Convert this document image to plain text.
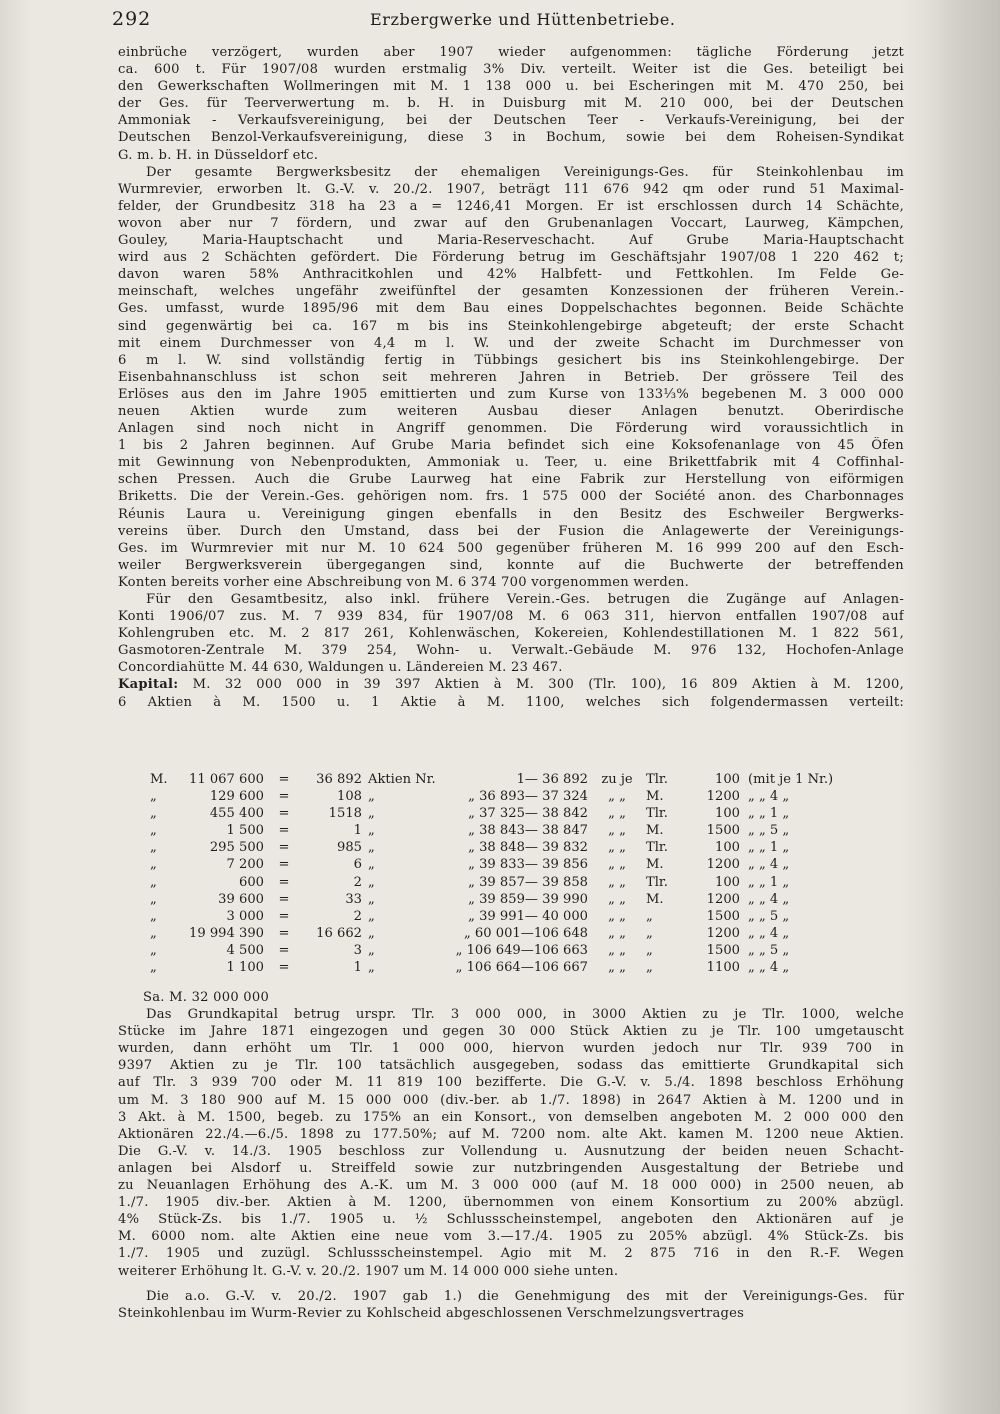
292	Erzbergwerke und Hüttenbetriebe.
einbrüche verzögert, wurden aber 1907 wieder aufgenommen: tägliche Förderung jetzt
ca. 600 t. Für 1907/08 wurden erstmalig 3% Div. verteilt. Weiter ist die Ges. beteiligt bei
den Gewerkschaften Wollmeringen mit M. 1 138 000 u. bei Escheringen mit M. 470 250, bei
der Ges. für Teerverwertung m. b. H. in Duisburg mit M. 210 000, bei der Deutschen
Ammoniak - Verkaufsvereinigung, bei der Deutschen Teer - Verkaufs-Vereinigung, bei der
Deutschen Benzol-Verkaufsvereinigung, diese 3 in Bochum, sowie bei dem Roheisen-Syndikat
G. m. b. H. in Düsseldorf etc.
Der gesamte Bergwerksbesitz der ehemaligen Vereinigungs-Ges. für Steinkohlenbau im
Wurmrevier, erworben lt. G.-V. v. 20./2. 1907, beträgt 111 676 942 qm oder rund 51 Maximal-
felder, der Grundbesitz 318 ha 23 a = 1246,41 Morgen. Er ist erschlossen durch 14 Schächte,
wovon aber nur 7 fördern, und zwar auf den Grubenanlagen Voccart, Laurweg, Kämpchen,
Gouley, Maria-Hauptschacht und Maria-Reserveschacht. Auf Grube Maria-Hauptschacht
wird aus 2 Schächten gefördert. Die Förderung betrug im Geschäftsjahr 1907/08 1 220 462 t;
davon waren 58% Anthracitkohlen und 42% Halbfett- und Fettkohlen. Im Felde Ge-
meinschaft, welches ungefähr zweifünftel der gesamten Konzessionen der früheren Verein.-
Ges. umfasst, wurde 1895/96 mit dem Bau eines Doppelschachtes begonnen. Beide Schächte
sind gegenwärtig bei ca. 167 m bis ins Steinkohlengebirge abgeteuft; der erste Schacht
mit einem Durchmesser von 4,4 m l. W. und der zweite Schacht im Durchmesser von
6 m l. W. sind vollständig fertig in Tübbings gesichert bis ins Steinkohlengebirge. Der
Eisenbahnanschluss ist schon seit mehreren Jahren in Betrieb. Der grössere Teil des
Erlöses aus den im Jahre 1905 emittierten und zum Kurse von 133⅓% begebenen M. 3 000 000
neuen Aktien wurde zum weiteren Ausbau dieser Anlagen benutzt. Oberirdische
Anlagen sind noch nicht in Angriff genommen. Die Förderung wird voraussichtlich in
1 bis 2 Jahren beginnen. Auf Grube Maria befindet sich eine Koksofenanlage von 45 Öfen
mit Gewinnung von Nebenprodukten, Ammoniak u. Teer, u. eine Brikettfabrik mit 4 Coffinhal-
schen Pressen. Auch die Grube Laurweg hat eine Fabrik zur Herstellung von eiförmigen
Briketts. Die der Verein.-Ges. gehörigen nom. frs. 1 575 000 der Société anon. des Charbonnages
Réunis Laura u. Vereinigung gingen ebenfalls in den Besitz des Eschweiler Bergwerks-
vereins über. Durch den Umstand, dass bei der Fusion die Anlagewerte der Vereinigungs-
Ges. im Wurmrevier mit nur M. 10 624 500 gegenüber früheren M. 16 999 200 auf den Esch-
weiler Bergwerksverein übergegangen sind, konnte auf die Buchwerte der betreffenden
Konten bereits vorher eine Abschreibung von M. 6 374 700 vorgenommen werden.
Für den Gesamtbesitz, also inkl. frühere Verein.-Ges. betrugen die Zugänge auf Anlagen-
Konti 1906/07 zus. M. 7 939 834, für 1907/08 M. 6 063 311, hiervon entfallen 1907/08 auf
Kohlengruben etc. M. 2 817 261, Kohlenwäschen, Kokereien, Kohlendestillationen M. 1 822 561,
Gasmotoren-Zentrale M. 379 254, Wohn- u. Verwalt.-Gebäude M. 976 132, Hochofen-Anlage
Concordiahütte M. 44 630, Waldungen u. Ländereien M. 23 467.
Kapital: M. 32 000 000 in 39 397 Aktien à M. 300 (Tlr. 100), 16 809 Aktien à M. 1200,
6 Aktien à M. 1500 u. 1 Aktie à M. 1100, welches sich folgendermassen verteilt:
M.	11 067 600	=	36 892	Aktien Nr.	1— 36 892	zu je	Tlr.	100	(mit je 1 Nr.)
„	129 600	=	108	„	„ 36 893— 37 324	„ „	M.	1200	„ „ 4 „
„	455 400	=	1518	„	„ 37 325— 38 842	„ „	Tlr.	100	„ „ 1 „
„	1 500	=	1	„	„ 38 843— 38 847	„ „	M.	1500	„ „ 5 „
„	295 500	=	985	„	„ 38 848— 39 832	„ „	Tlr.	100	„ „ 1 „
„	7 200	=	6	„	„ 39 833— 39 856	„ „	M.	1200	„ „ 4 „
„	600	=	2	„	„ 39 857— 39 858	„ „	Tlr.	100	„ „ 1 „
„	39 600	=	33	„	„ 39 859— 39 990	„ „	M.	1200	„ „ 4 „
„	3 000	=	2	„	„ 39 991— 40 000	„ „	„	1500	„ „ 5 „
„	19 994 390	=	16 662	„	„ 60 001—106 648	„ „	„	1200	„ „ 4 „
„	4 500	=	3	„	„ 106 649—106 663	„ „	„	1500	„ „ 5 „
„	1 100	=	1	„	„ 106 664—106 667	„ „	„	1100	„ „ 4 „
Sa. M. 32 000 000
Das Grundkapital betrug urspr. Tlr. 3 000 000, in 3000 Aktien zu je Tlr. 1000, welche
Stücke im Jahre 1871 eingezogen und gegen 30 000 Stück Aktien zu je Tlr. 100 umgetauscht
wurden, dann erhöht um Tlr. 1 000 000, hiervon wurden jedoch nur Tlr. 939 700 in
9397 Aktien zu je Tlr. 100 tatsächlich ausgegeben, sodass das emittierte Grundkapital sich
auf Tlr. 3 939 700 oder M. 11 819 100 bezifferte. Die G.-V. v. 5./4. 1898 beschloss Erhöhung
um M. 3 180 900 auf M. 15 000 000 (div.-ber. ab 1./7. 1898) in 2647 Aktien à M. 1200 und in
3 Akt. à M. 1500, begeb. zu 175% an ein Konsort., von demselben angeboten M. 2 000 000 den
Aktionären 22./4.—6./5. 1898 zu 177.50%; auf M. 7200 nom. alte Akt. kamen M. 1200 neue Aktien.
Die G.-V. v. 14./3. 1905 beschloss zur Vollendung u. Ausnutzung der beiden neuen Schacht-
anlagen bei Alsdorf u. Streiffeld sowie zur nutzbringenden Ausgestaltung der Betriebe und
zu Neuanlagen Erhöhung des A.-K. um M. 3 000 000 (auf M. 18 000 000) in 2500 neuen, ab
1./7. 1905 div.-ber. Aktien à M. 1200, übernommen von einem Konsortium zu 200% abzügl.
4% Stück-Zs. bis 1./7. 1905 u. ½ Schlussscheinstempel, angeboten den Aktionären auf je
M. 6000 nom. alte Aktien eine neue vom 3.—17./4. 1905 zu 205% abzügl. 4% Stück-Zs. bis
1./7. 1905 und zuzügl. Schlussscheinstempel. Agio mit M. 2 875 716 in den R.-F. Wegen
weiterer Erhöhung lt. G.-V. v. 20./2. 1907 um M. 14 000 000 siehe unten.
Die a.o. G.-V. v. 20./2. 1907 gab 1.) die Genehmigung des mit der Vereinigungs-Ges. für
Steinkohlenbau im Wurm-Revier zu Kohlscheid abgeschlossenen Verschmelzungsvertrages
